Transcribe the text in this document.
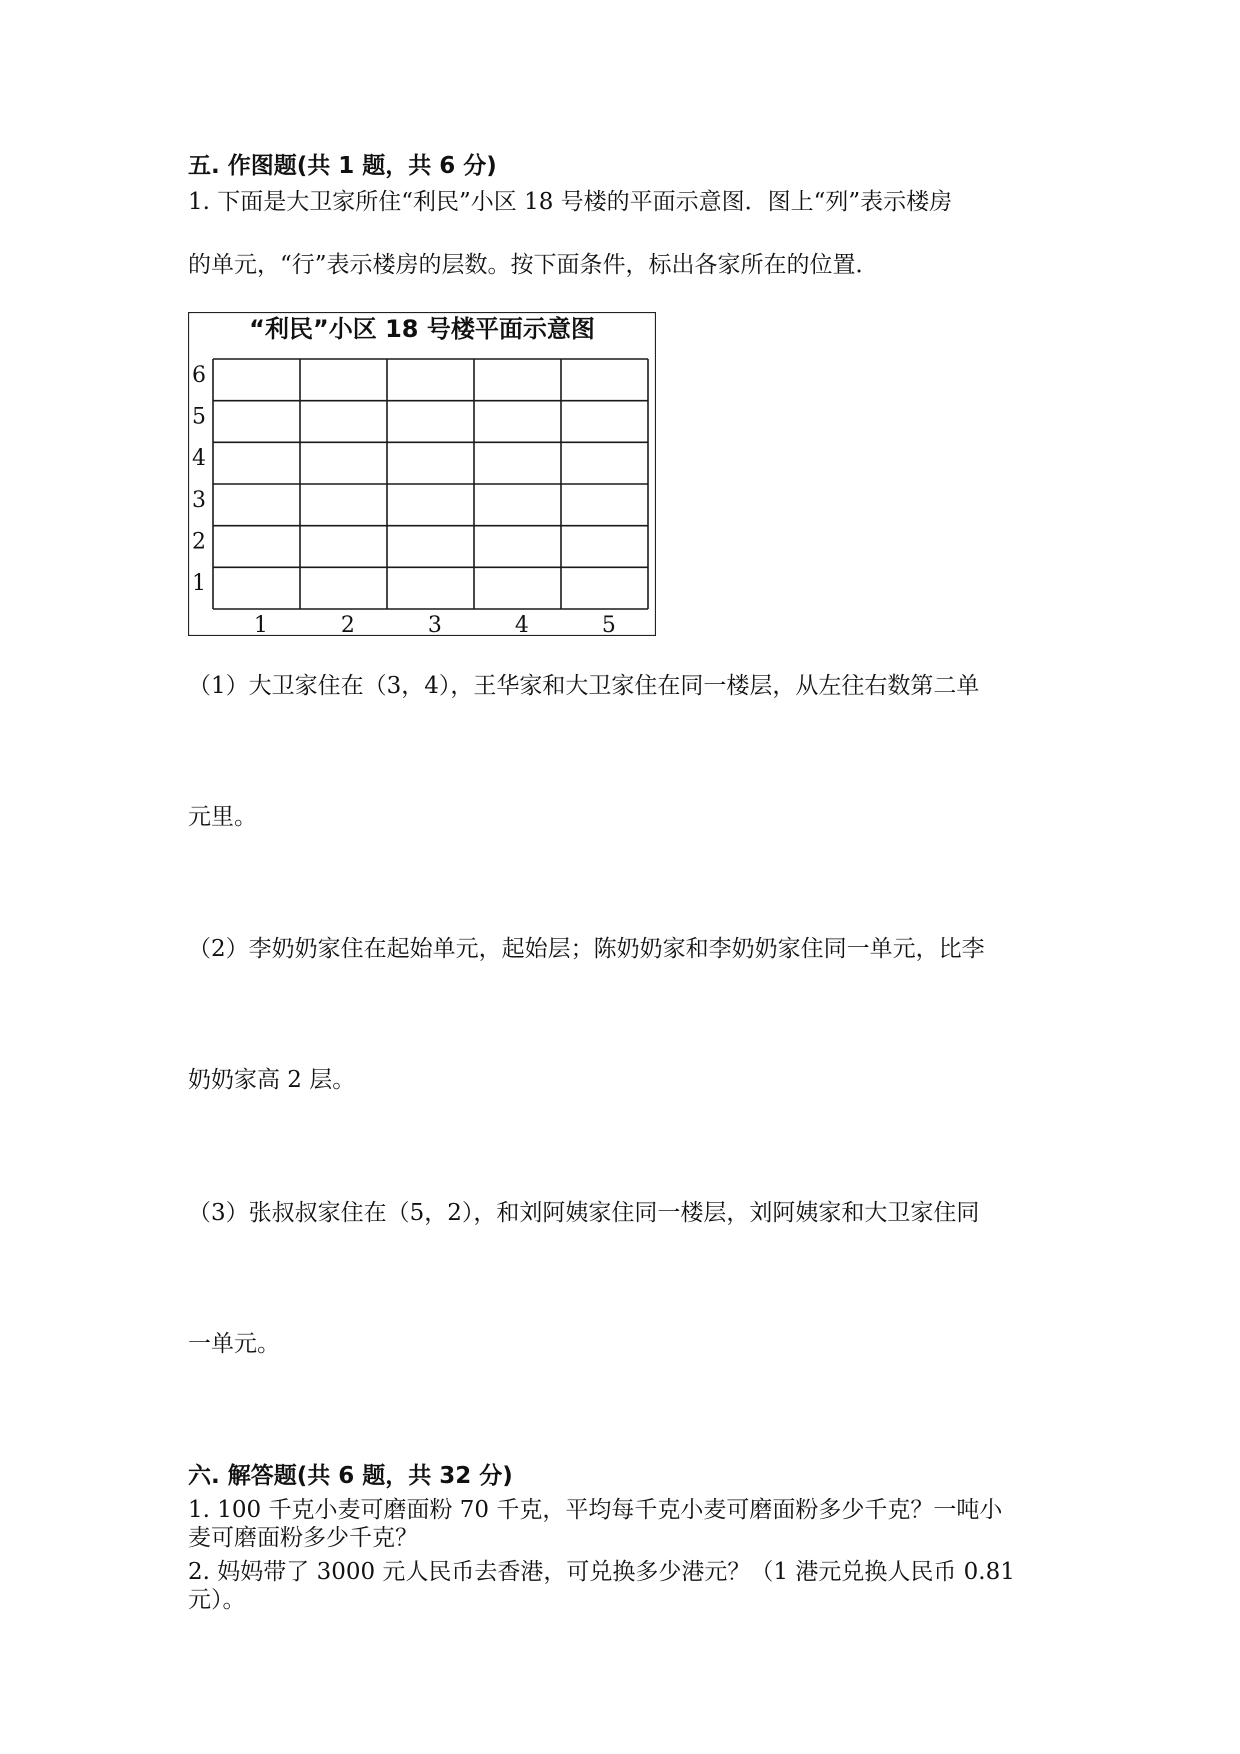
五. 作图题(共 1 题，共 6 分)
1. 下面是大卫家所住“利民”小区 18 号楼的平面示意图．图上“列”表示楼房
的单元，“行”表示楼房的层数。按下面条件，标出各家所在的位置．
“利民”小区 18 号楼平面示意图
6
5
4
3
2
1
1	2	3	4	5
（1）大卫家住在（3，4），王华家和大卫家住在同一楼层，从左往右数第二单
元里。
（2）李奶奶家住在起始单元，起始层；陈奶奶家和李奶奶家住同一单元，比李
奶奶家高 2 层。
（3）张叔叔家住在（5，2），和刘阿姨家住同一楼层，刘阿姨家和大卫家住同
一单元。
六. 解答题(共 6 题，共 32 分)
1. 100 千克小麦可磨面粉 70 千克，平均每千克小麦可磨面粉多少千克？一吨小
麦可磨面粉多少千克？
2. 妈妈带了 3000 元人民币去香港，可兑换多少港元？（1 港元兑换人民币 0.81
元）。
